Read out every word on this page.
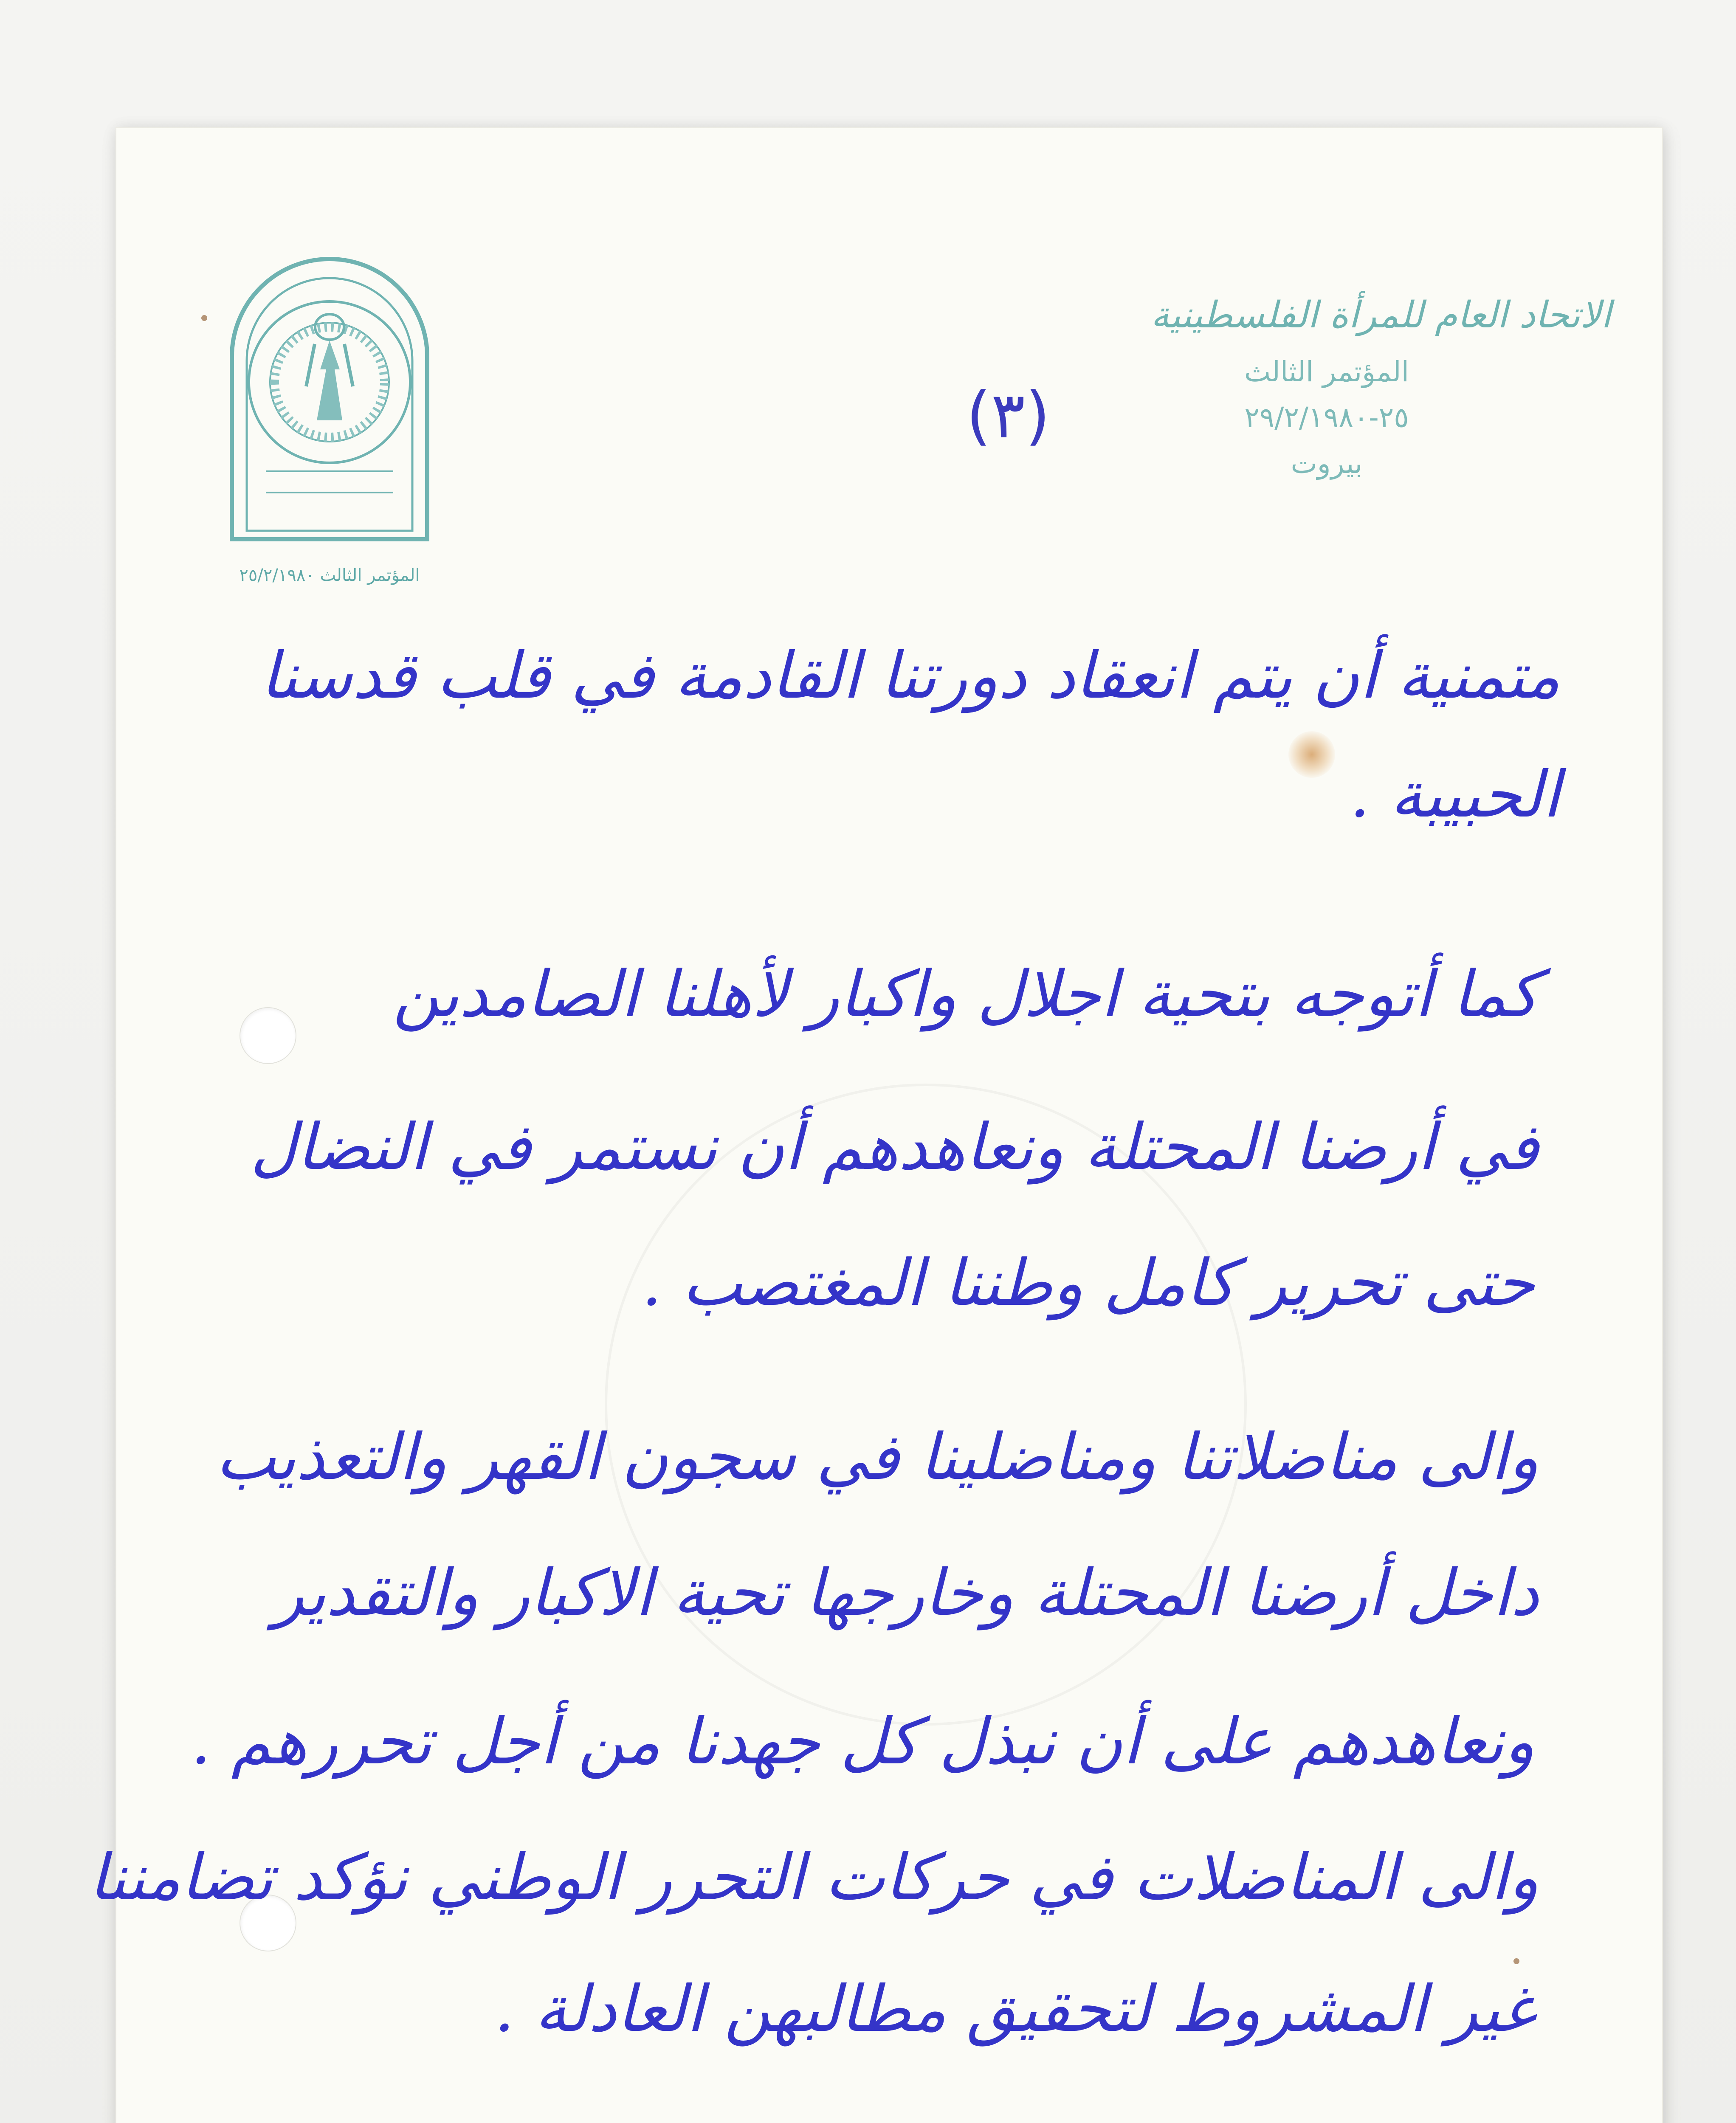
المؤتمر الثالث ٢٥/٢/١٩٨٠
الاتحاد العام للمرأة الفلسطينية
المؤتمر الثالث
٢٥-٢٩/٢/١٩٨٠
بيروت
(٣)
متمنية أن يتم انعقاد دورتنا القادمة في قلب قدسنا
الحبيبة .
كما أتوجه بتحية اجلال واكبار لأهلنا الصامدين
في أرضنا المحتلة ونعاهدهم أن نستمر في النضال
حتى تحرير كامل وطننا المغتصب .
والى مناضلاتنا ومناضلينا في سجون القهر والتعذيب
داخل أرضنا المحتلة وخارجها تحية الاكبار والتقدير
ونعاهدهم على أن نبذل كل جهدنا من أجل تحررهم .
والى المناضلات في حركات التحرر الوطني نؤكد تضامننا
غير المشروط لتحقيق مطالبهن العادلة .
